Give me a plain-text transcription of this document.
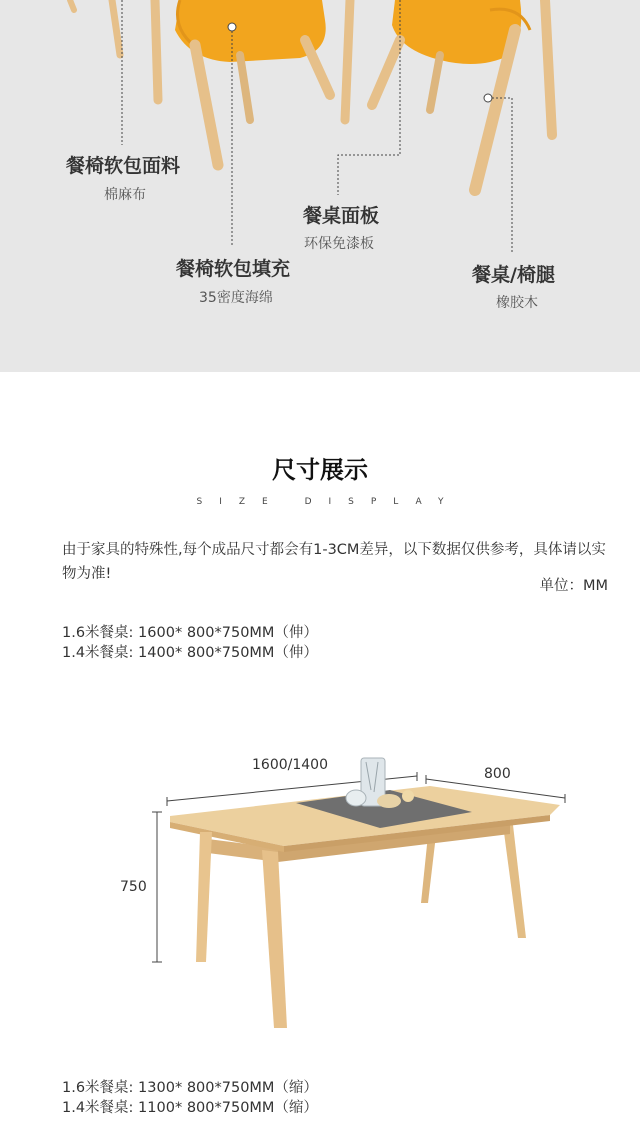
餐椅软包面料
棉麻布
餐桌面板
环保免漆板
餐椅软包填充
35密度海绵
餐桌/椅腿
橡胶木
尺寸展示
SIZE DISPLAY
由于家具的特殊性,每个成品尺寸都会有1-3CM差异，以下数据仅供参考，具体请以实物为准!
单位：MM
1.6米餐桌: 1600* 800*750MM（伸）
1.4米餐桌: 1400* 800*750MM（伸）
1600/1400
800
750
1.6米餐桌: 1300* 800*750MM（缩）
1.4米餐桌: 1100* 800*750MM（缩）
